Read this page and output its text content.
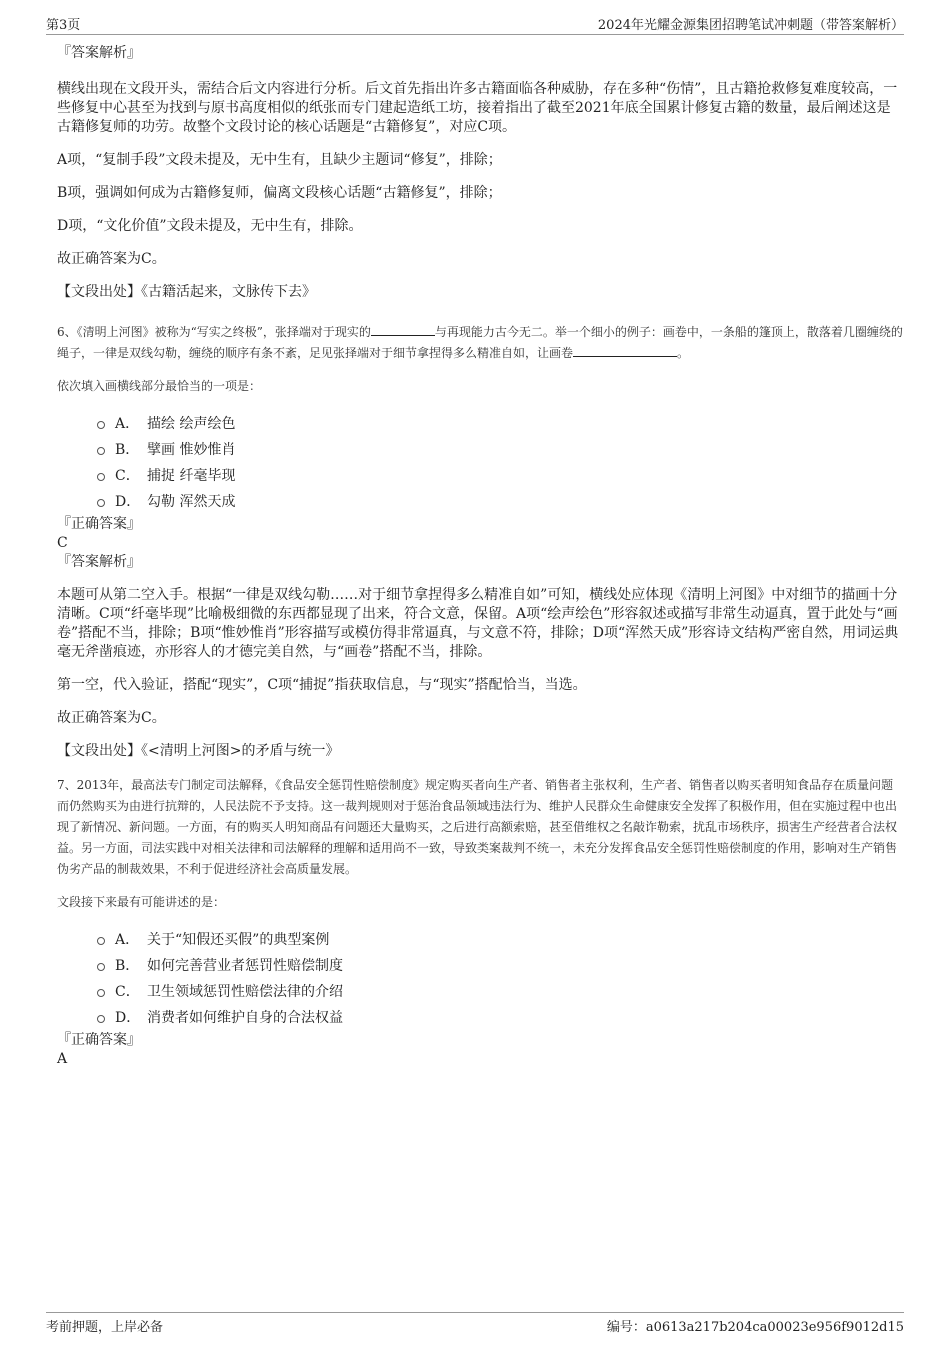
第3页	2024年光耀金源集团招聘笔试冲刺题（带答案解析）

『答案解析』

横线出现在文段开头，需结合后文内容进行分析。后文首先指出许多古籍面临各种威胁，存在多种“伤情”，且古籍抢救修复难度较高，一些修复中心甚至为找到与原书高度相似的纸张而专门建起造纸工坊，接着指出了截至2021年底全国累计修复古籍的数量，最后阐述这是古籍修复师的功劳。故整个文段讨论的核心话题是“古籍修复”，对应C项。

A项，“复制手段”文段未提及，无中生有，且缺少主题词“修复”，排除；

B项，强调如何成为古籍修复师，偏离文段核心话题“古籍修复”，排除；

D项，“文化价值”文段未提及，无中生有，排除。

故正确答案为C。

【文段出处】《古籍活起来，文脉传下去》

6、《清明上河图》被称为“写实之终极”，张择端对于现实的	与再现能力古今无二。举一个细小的例子：画卷中，一条船的篷顶上，散落着几圈缠绕的绳子，一律是双线勾勒，缠绕的顺序有条不紊，足见张择端对于细节拿捏得多么精准自如，让画卷	。

依次填入画横线部分最恰当的一项是：

A． 描绘 绘声绘色
B． 擘画 惟妙惟肖
C． 捕捉 纤毫毕现
D． 勾勒 浑然天成

『正确答案』

C

『答案解析』

本题可从第二空入手。根据“一律是双线勾勒……对于细节拿捏得多么精准自如”可知，横线处应体现《清明上河图》中对细节的描画十分清晰。C项“纤毫毕现”比喻极细微的东西都显现了出来，符合文意，保留。A项“绘声绘色”形容叙述或描写非常生动逼真，置于此处与“画卷”搭配不当，排除；B项“惟妙惟肖”形容描写或模仿得非常逼真，与文意不符，排除；D项“浑然天成”形容诗文结构严密自然，用词运典毫无斧凿痕迹，亦形容人的才德完美自然，与“画卷”搭配不当，排除。

第一空，代入验证，搭配“现实”，C项“捕捉”指获取信息，与“现实”搭配恰当，当选。

故正确答案为C。

【文段出处】《<清明上河图>的矛盾与统一》

7、2013年，最高法专门制定司法解释，《食品安全惩罚性赔偿制度》规定购买者向生产者、销售者主张权利，生产者、销售者以购买者明知食品存在质量问题而仍然购买为由进行抗辩的，人民法院不予支持。这一裁判规则对于惩治食品领域违法行为、维护人民群众生命健康安全发挥了积极作用，但在实施过程中也出现了新情况、新问题。一方面，有的购买人明知商品有问题还大量购买，之后进行高额索赔，甚至借维权之名敲诈勒索，扰乱市场秩序，损害生产经营者合法权益。另一方面，司法实践中对相关法律和司法解释的理解和适用尚不一致，导致类案裁判不统一，未充分发挥食品安全惩罚性赔偿制度的作用，影响对生产销售伪劣产品的制裁效果，不利于促进经济社会高质量发展。

文段接下来最有可能讲述的是：

A． 关于“知假还买假”的典型案例
B． 如何完善营业者惩罚性赔偿制度
C． 卫生领域惩罚性赔偿法律的介绍
D． 消费者如何维护自身的合法权益

『正确答案』

A

考前押题，上岸必备	编号：a0613a217b204ca00023e956f9012d15
